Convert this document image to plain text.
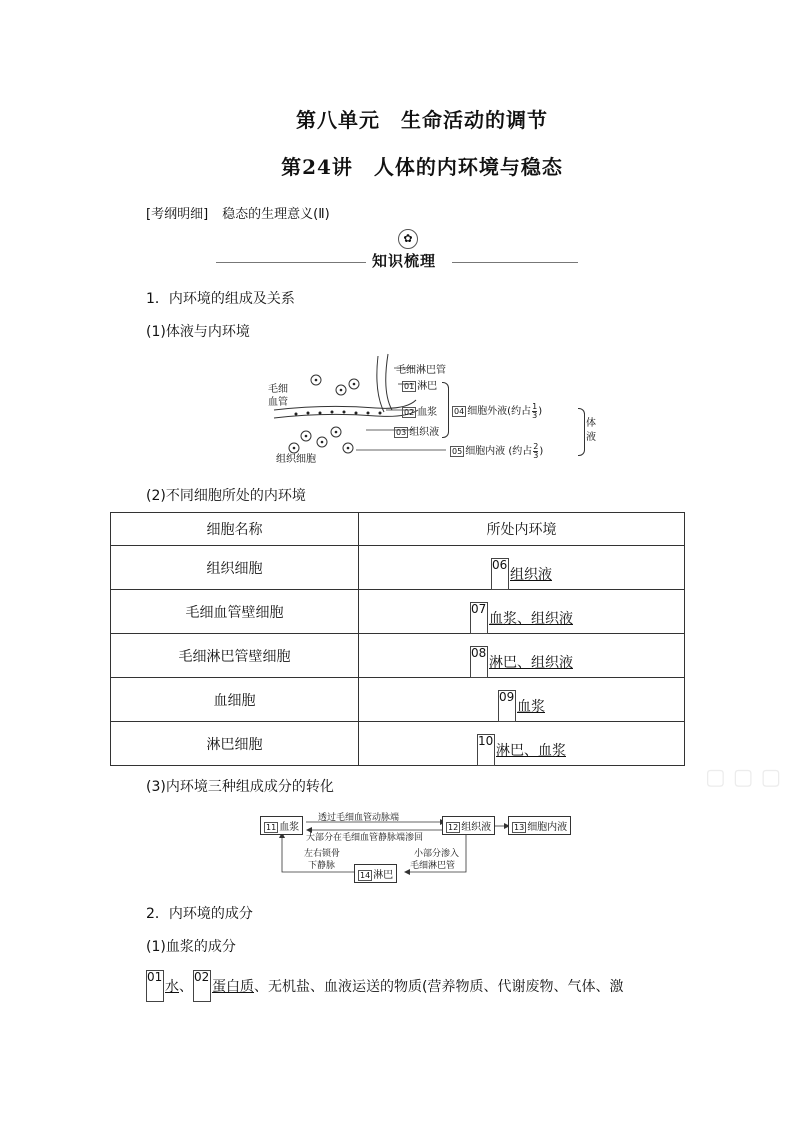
第八单元　生命活动的调节
第24讲　人体的内环境与稳态
[考纲明细] 稳态的生理意义(Ⅱ)
✿
知识梳理
1．内环境的组成及关系
(1)体液与内环境
毛细
血管
毛细淋巴管
组织细胞
01 淋巴
02 血浆
03 组织液
04 细胞外液(约占$\frac{1}{3}$ )
05 细胞内液 (约占$\frac{2}{3}$ )
体
液
(2)不同细胞所处的内环境
细胞名称	所处内环境
组织细胞	06组织液
毛细血管壁细胞	07血浆、组织液
毛细淋巴管壁细胞	08淋巴、组织液
血细胞	09血浆
淋巴细胞	10淋巴、血浆
▢ ▢ ▢
(3)内环境三种组成成分的转化
11 血浆	12 组织液	13 细胞内液
14 淋巴
透过毛细血管动脉端
大部分在毛细血管静脉端渗回
左右锁骨
下静脉
小部分渗入
毛细淋巴管
2．内环境的成分
(1)血浆的成分
01水、02蛋白质、无机盐、血液运送的物质(营养物质、代谢废物、气体、激
